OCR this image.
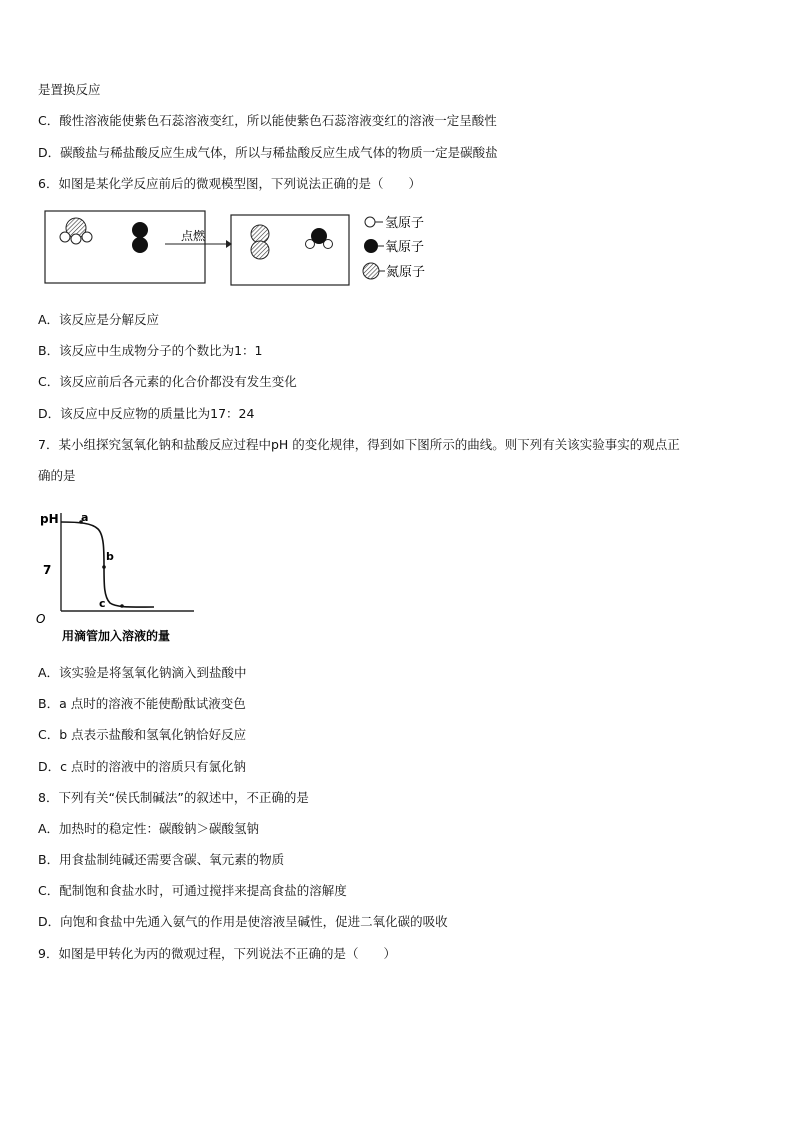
是置换反应
C．酸性溶液能使紫色石蕊溶液变红，所以能使紫色石蕊溶液变红的溶液一定呈酸性
D．碳酸盐与稀盐酸反应生成气体，所以与稀盐酸反应生成气体的物质一定是碳酸盐
6．如图是某化学反应前后的微观模型图，下列说法正确的是（　　）
点燃
氢原子
氧原子
氮原子
A．该反应是分解反应
B．该反应中生成物分子的个数比为1：1
C．该反应前后各元素的化合价都没有发生变化
D．该反应中反应物的质量比为17：24
7．某小组探究氢氧化钠和盐酸反应过程中pH 的变化规律，得到如下图所示的曲线。则下列有关该实验事实的观点正
确的是
pH
7
O
a
b
c
用滴管加入溶液的量
A．该实验是将氢氧化钠滴入到盐酸中
B．a 点时的溶液不能使酚酞试液变色
C．b 点表示盐酸和氢氧化钠恰好反应
D．c 点时的溶液中的溶质只有氯化钠
8．下列有关“侯氏制碱法”的叙述中，不正确的是
A．加热时的稳定性：碳酸钠＞碳酸氢钠
B．用食盐制纯碱还需要含碳、氧元素的物质
C．配制饱和食盐水时，可通过搅拌来提高食盐的溶解度
D．向饱和食盐中先通入氨气的作用是使溶液呈碱性，促进二氧化碳的吸收
9．如图是甲转化为丙的微观过程，下列说法不正确的是（　　）
